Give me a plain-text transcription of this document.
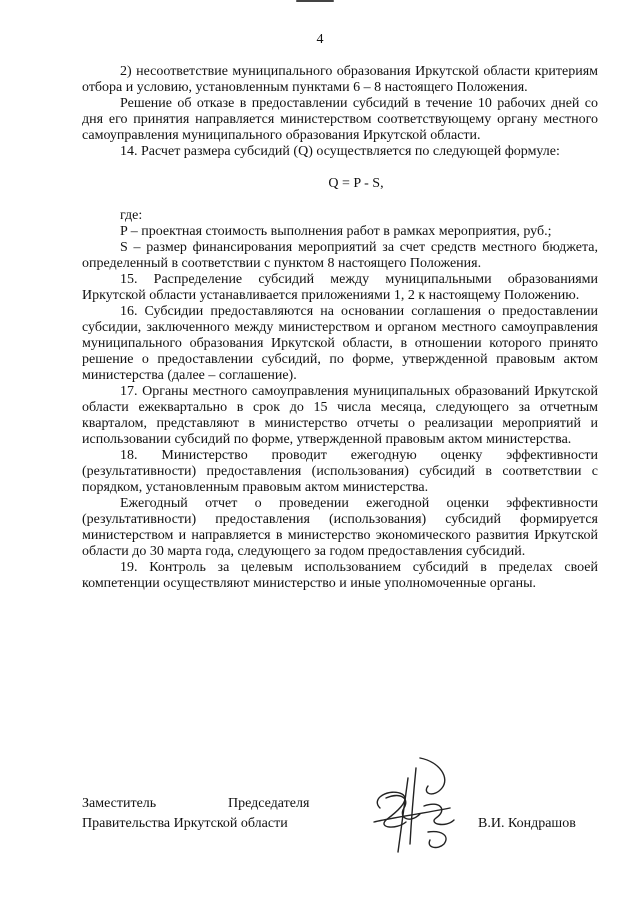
4

2) несоответствие муниципального образования Иркутской области критериям отбора и условию, установленным пунктами 6 – 8 настоящего Положения.

Решение об отказе в предоставлении субсидий в течение 10 рабочих дней со дня его принятия направляется министерством соответствующему органу местного самоуправления муниципального образования Иркутской области.

14. Расчет размера субсидий (Q) осуществляется по следующей формуле:

Q = P - S,

где:

P – проектная стоимость выполнения работ в рамках мероприятия, руб.;

S – размер финансирования мероприятий за счет средств местного бюджета, определенный в соответствии с пунктом 8 настоящего Положения.

15. Распределение субсидий между муниципальными образованиями Иркутской области устанавливается приложениями 1, 2 к настоящему Положению.

16. Субсидии предоставляются на основании соглашения о предоставлении субсидии, заключенного между министерством и органом местного самоуправления муниципального образования Иркутской области, в отношении которого принято решение о предоставлении субсидий, по форме, утвержденной правовым актом министерства (далее – соглашение).

17. Органы местного самоуправления муниципальных образований Иркутской области ежеквартально в срок до 15 числа месяца, следующего за отчетным кварталом, представляют в министерство отчеты о реализации мероприятий и использовании субсидий по форме, утвержденной правовым актом министерства.

18. Министерство проводит ежегодную оценку эффективности (результативности) предоставления (использования) субсидий в соответствии с порядком, установленным правовым актом министерства.

Ежегодный отчет о проведении ежегодной оценки эффективности (результативности) предоставления (использования) субсидий формируется министерством и направляется в министерство экономического развития Иркутской области до 30 марта года, следующего за годом предоставления субсидий.

19. Контроль за целевым использованием субсидий в пределах своей компетенции осуществляют министерство и иные уполномоченные органы.

Заместитель	Председателя
Правительства Иркутской области	В.И. Кондрашов
